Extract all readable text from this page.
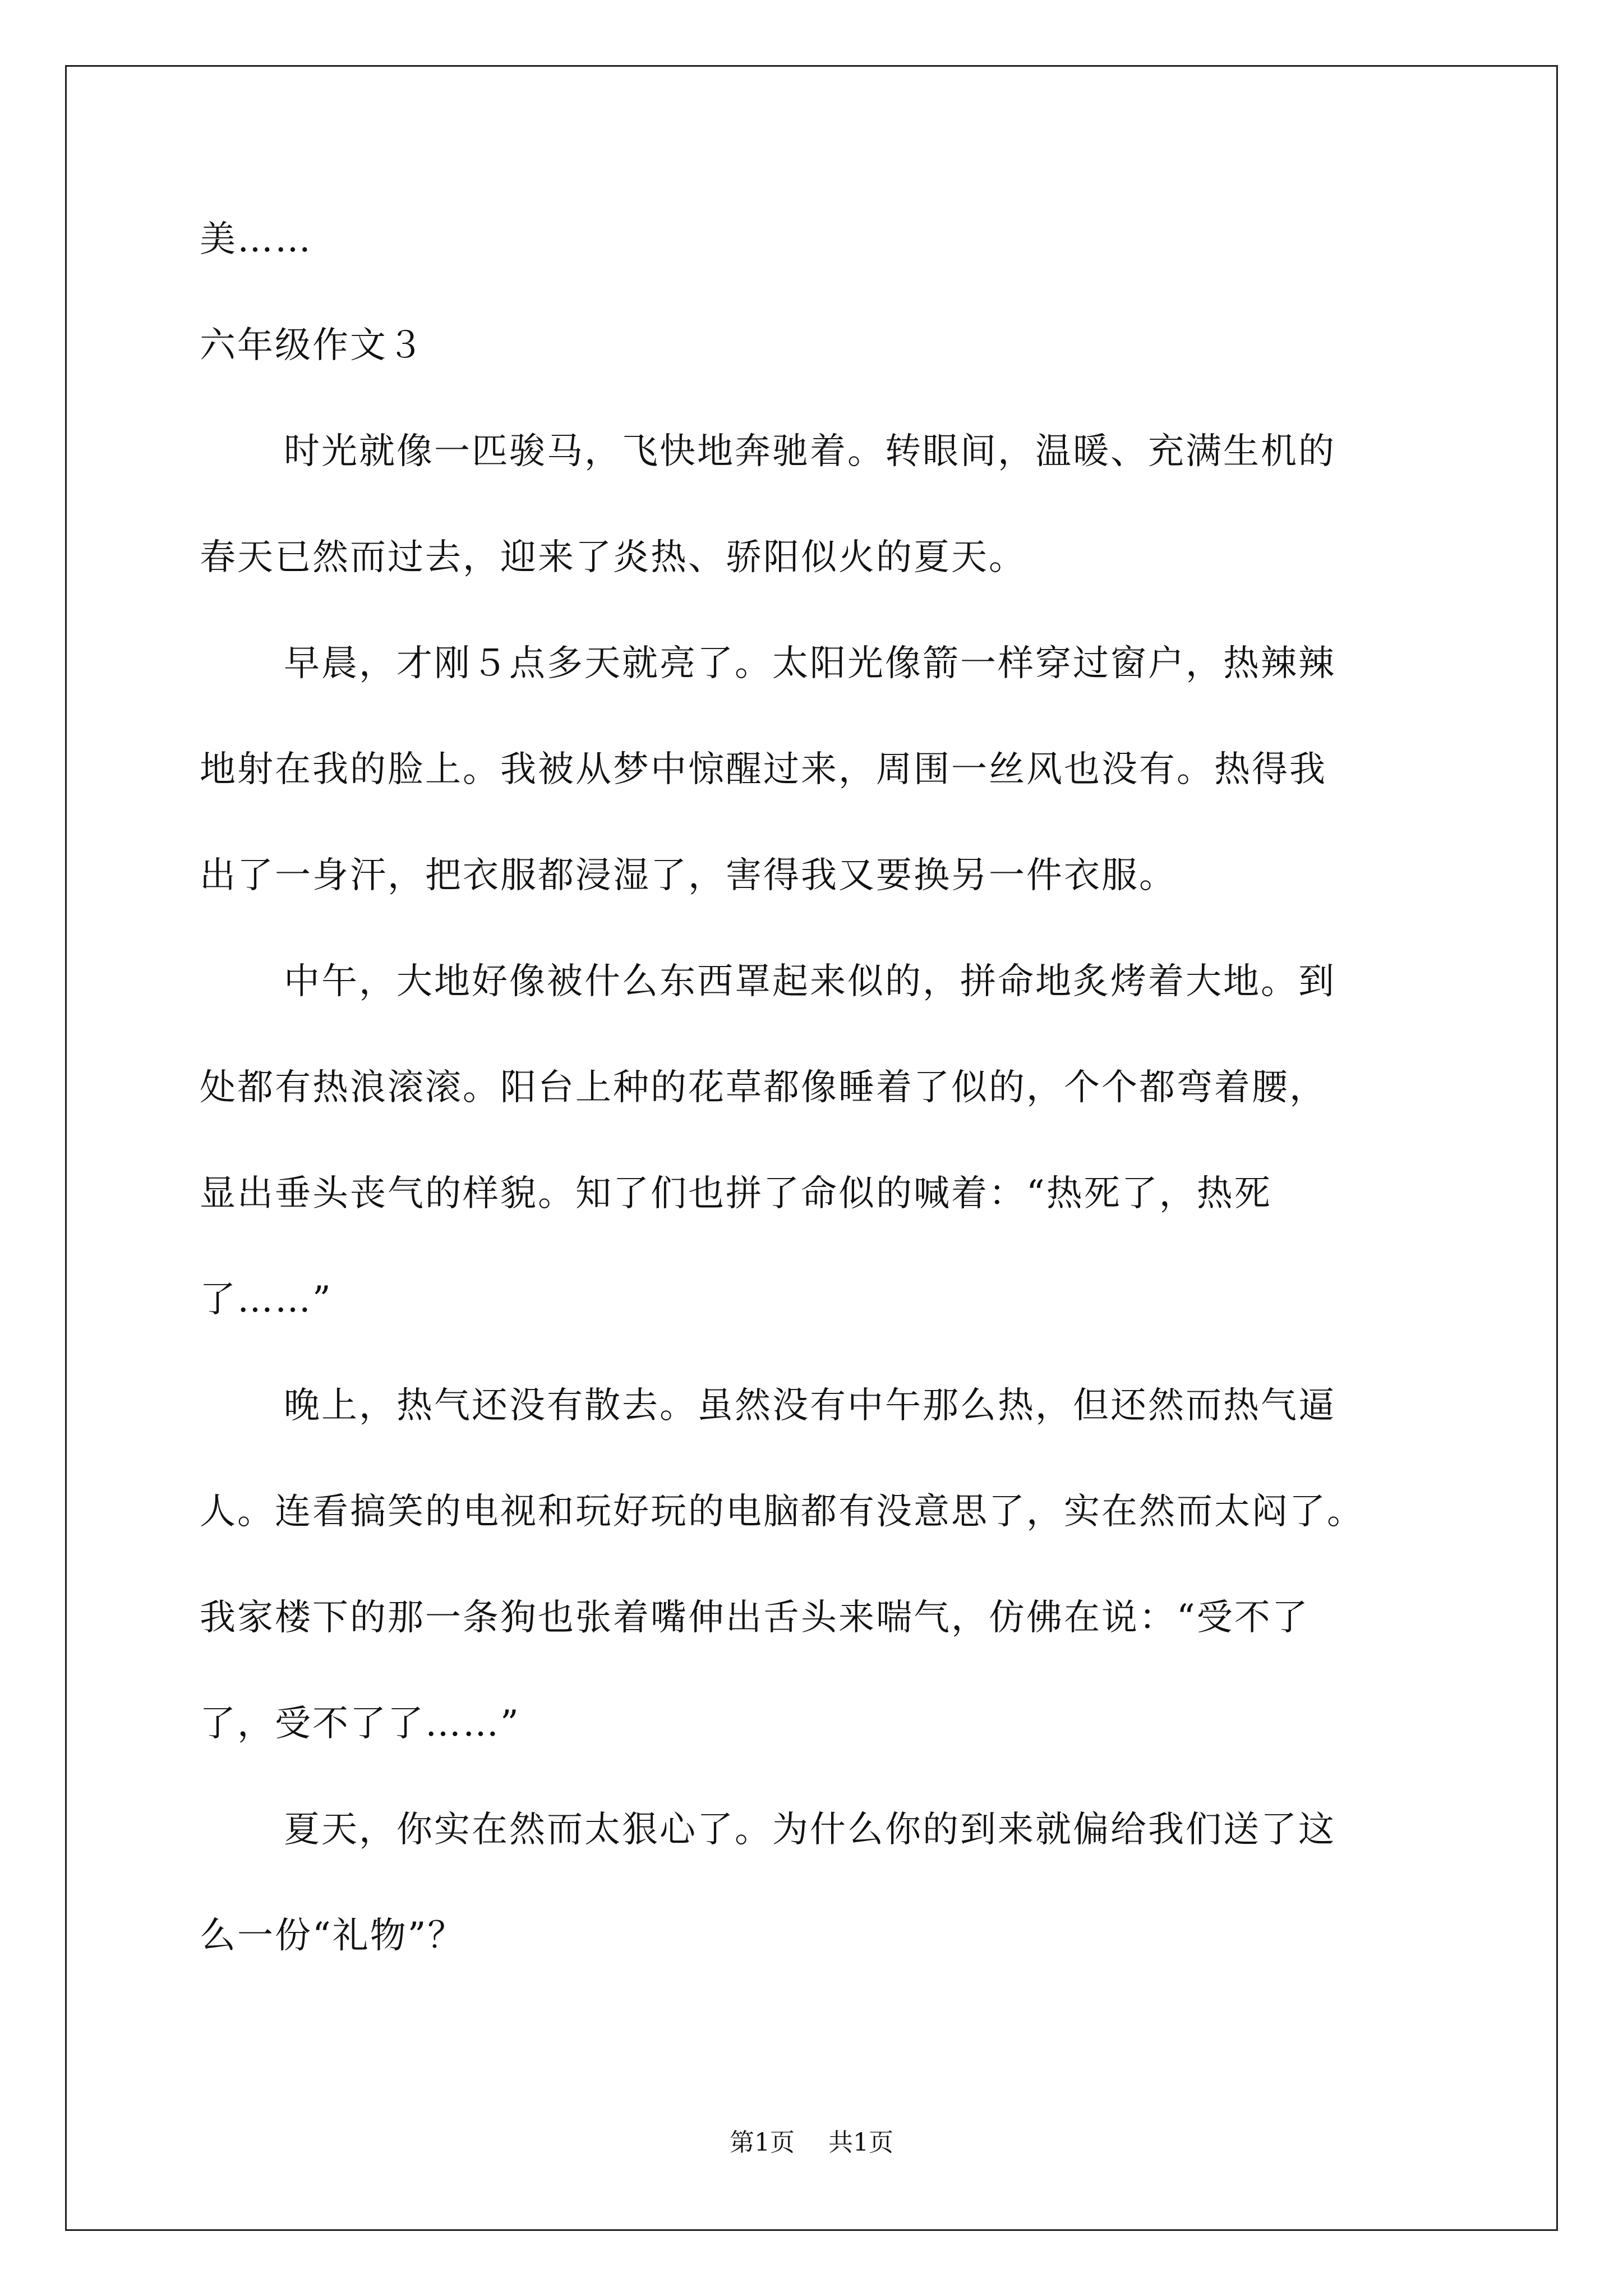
美……

六年级作文３

时光就像一匹骏马，飞快地奔驰着。转眼间，温暖、充满生机的

春天已然而过去，迎来了炎热、骄阳似火的夏天。

早晨，才刚５点多天就亮了。太阳光像箭一样穿过窗户，热辣辣

地射在我的脸上。我被从梦中惊醒过来，周围一丝风也没有。热得我

出了一身汗，把衣服都浸湿了，害得我又要换另一件衣服。

中午，大地好像被什么东西罩起来似的，拼命地炙烤着大地。到

处都有热浪滚滚。阳台上种的花草都像睡着了似的，个个都弯着腰，

显出垂头丧气的样貌。知了们也拼了命似的喊着：“热死了，热死

了……”

晚上，热气还没有散去。虽然没有中午那么热，但还然而热气逼

人。连看搞笑的电视和玩好玩的电脑都有没意思了，实在然而太闷了。

我家楼下的那一条狗也张着嘴伸出舌头来喘气，仿佛在说：“受不了

了，受不了了……”

夏天，你实在然而太狠心了。为什么你的到来就偏给我们送了这

么一份“礼物”？

第1页 共1页
